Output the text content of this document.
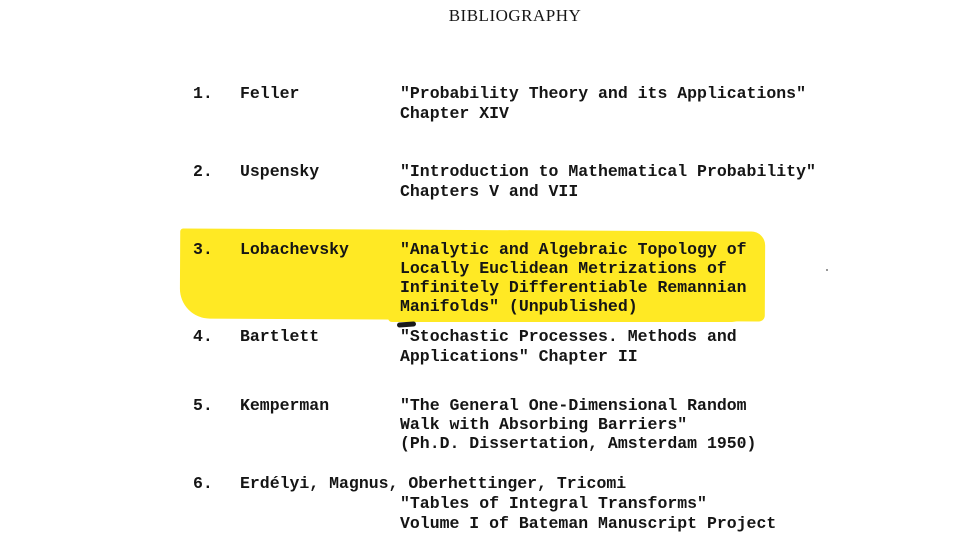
BIBLIOGRAPHY
1. Feller	"Probability Theory and its Applications"
Chapter XIV
2. Uspensky	"Introduction to Mathematical Probability"
Chapters V and VII
3. Lobachevsky	"Analytic and Algebraic Topology of
Locally Euclidean Metrizations of
Infinitely Differentiable Remannian
Manifolds" (Unpublished)
4. Bartlett	"Stochastic Processes. Methods and
Applications" Chapter II
5. Kemperman	"The General One-Dimensional Random
Walk with Absorbing Barriers"
(Ph.D. Dissertation, Amsterdam 1950)
6. Erdélyi, Magnus, Oberhettinger, Tricomi
"Tables of Integral Transforms"
Volume I of Bateman Manuscript Project
